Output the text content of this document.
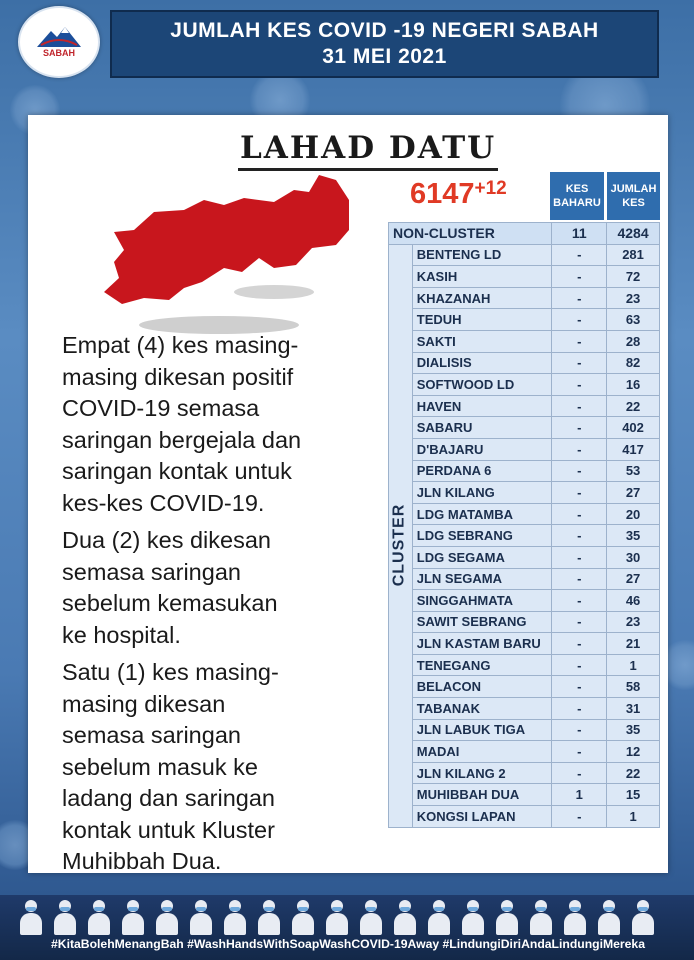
SABAH
JUMLAH KES COVID -19 NEGERI SABAH
31 MEI 2021
LAHAD DATU

Empat (4) kes masing-
masing dikesan positif
COVID-19 semasa
saringan bergejala dan
saringan kontak untuk
kes-kes COVID-19.

Dua (2) kes dikesan
semasa saringan
sebelum kemasukan
ke hospital.

Satu (1) kes masing-
masing dikesan
semasa saringan
sebelum masuk ke
ladang dan saringan
kontak untuk Kluster
Muhibbah Dua.

6147+12	KES BAHARU
JUMLAH KES
NON-CLUSTER		11	4284
	BENTENG LD	-	281
	KASIH	-	72
	KHAZANAH	-	23
	TEDUH	-	63
	SAKTI	-	28
	DIALISIS	-	82
	SOFTWOOD LD	-	16
	HAVEN	-	22
	SABARU	-	402
	D'BAJARU	-	417
	PERDANA 6	-	53
	JLN KILANG	-	27
	LDG MATAMBA	-	20
	LDG SEBRANG	-	35
	LDG SEGAMA	-	30
	JLN SEGAMA	-	27
	SINGGAHMATA	-	46
	SAWIT SEBRANG	-	23
	JLN KASTAM BARU	-	21
	TENEGANG	-	1
	BELACON	-	58
	TABANAK	-	31
	JLN LABUK TIGA	-	35
	MADAI	-	12
	JLN KILANG 2	-	22
	MUHIBBAH DUA	1	15
	KONGSI LAPAN	-	1
CLUSTER
#KitaBolehMenangBah #WashHandsWithSoapWashCOVID-19Away #LindungiDiriAndaLindungiMereka
